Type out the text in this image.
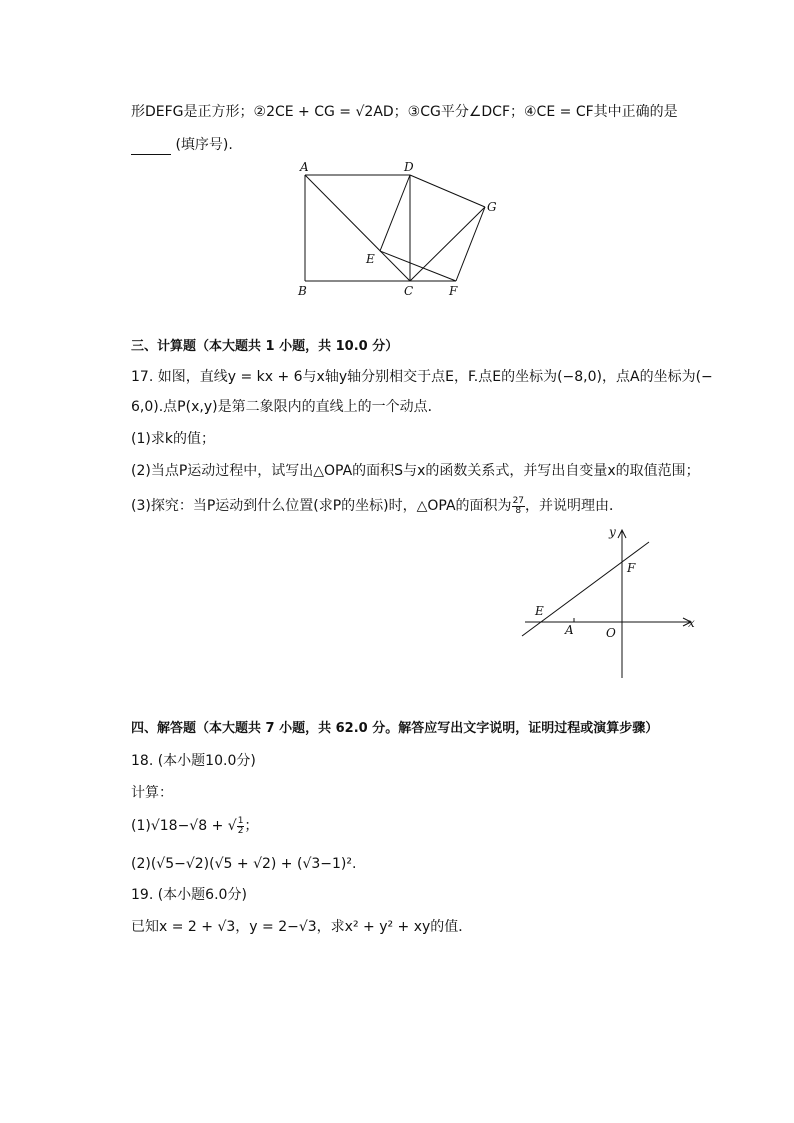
形DEFG是正方形；②2CE + CG = √2AD；③CG平分∠DCF；④CE = CF其中正确的是
(填序号).
A	D
G
E
B	C	F
三、计算题（本大题共 1 小题，共 10.0 分）
17. 如图，直线y = kx + 6与x轴y轴分别相交于点E，F.点E的坐标为(−8,0)，点A的坐标为(−
6,0).点P(x,y)是第二象限内的直线上的一个动点．
(1)求k的值；
(2)当点P运动过程中，试写出△OPA的面积S与x的函数关系式，并写出自变量x的取值范围；
(3)探究：当P运动到什么位置(求P的坐标)时，△OPA的面积为 $\frac{27}{8}$ ，并说明理由．
y
x
F
E
A	O
四、解答题（本大题共 7 小题，共 62.0 分。解答应写出文字说明，证明过程或演算步骤）
18. (本小题10.0分)
计算：
(1)√18−√8 + √ $\frac{1}{2}$ ；
(2)(√5−√2)(√5 + √2) + (√3−1)².
19. (本小题6.0分)
已知x = 2 + √3，y = 2−√3，求x² + y² + xy的值．
